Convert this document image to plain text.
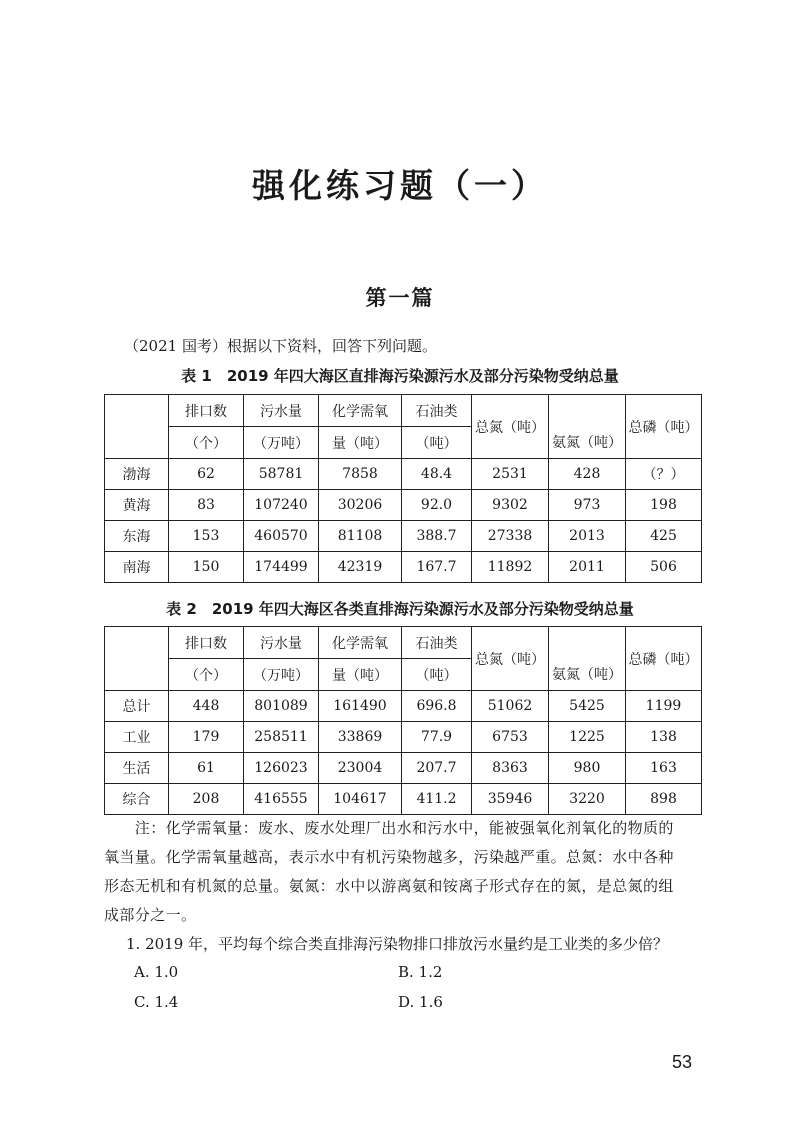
强化练习题（一）
第一篇
（2021 国考）根据以下资料，回答下列问题。
表 1　2019 年四大海区直排海污染源污水及部分污染物受纳总量
	排口数	污水量	化学需氧	石油类	总氮（吨）	氨氮（吨）	总磷（吨）
	（个）	（万吨）	量（吨）	（吨）			
渤海	62	58781	7858	48.4	2531	428	（？）
黄海	83	107240	30206	92.0	9302	973	198
东海	153	460570	81108	388.7	27338	2013	425
南海	150	174499	42319	167.7	11892	2011	506
表 2　2019 年四大海区各类直排海污染源污水及部分污染物受纳总量
	排口数	污水量	化学需氧	石油类	总氮（吨）	氨氮（吨）	总磷（吨）
	（个）	（万吨）	量（吨）	（吨）			
总计	448	801089	161490	696.8	51062	5425	1199
工业	179	258511	33869	77.9	6753	1225	138
生活	61	126023	23004	207.7	8363	980	163
综合	208	416555	104617	411.2	35946	3220	898
　　注：化学需氧量：废水、废水处理厂出水和污水中，能被强氧化剂氧化的物质的
氧当量。化学需氧量越高，表示水中有机污染物越多，污染越严重。总氮：水中各种
形态无机和有机氮的总量。氨氮：水中以游离氨和铵离子形式存在的氮，是总氮的组
成部分之一。
1. 2019 年，平均每个综合类直排海污染物排口排放污水量约是工业类的多少倍？
A. 1.0	B. 1.2
C. 1.4	D. 1.6
53
